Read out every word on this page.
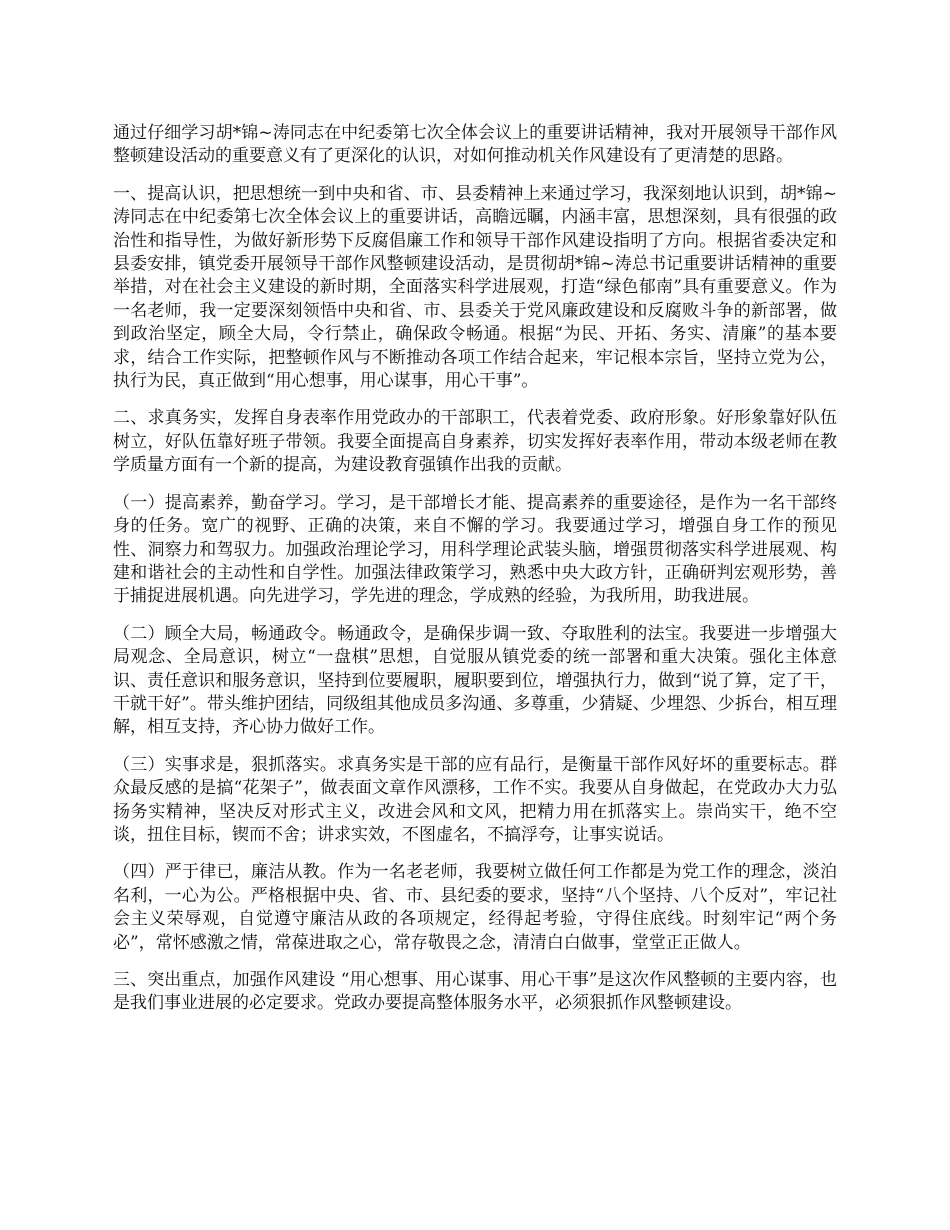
通过仔细学习胡*锦~涛同志在中纪委第七次全体会议上的重要讲话精神，我对开展领导干部作风整顿建设活动的重要意义有了更深化的认识，对如何推动机关作风建设有了更清楚的思路。

一、提高认识，把思想统一到中央和省、市、县委精神上来通过学习，我深刻地认识到，胡*锦~涛同志在中纪委第七次全体会议上的重要讲话，高瞻远瞩，内涵丰富，思想深刻，具有很强的政治性和指导性，为做好新形势下反腐倡廉工作和领导干部作风建设指明了方向。根据省委决定和县委安排，镇党委开展领导干部作风整顿建设活动，是贯彻胡*锦~涛总书记重要讲话精神的重要举措，对在社会主义建设的新时期，全面落实科学进展观，打造“绿色郁南”具有重要意义。作为一名老师，我一定要深刻领悟中央和省、市、县委关于党风廉政建设和反腐败斗争的新部署，做到政治坚定，顾全大局，令行禁止，确保政令畅通。根据“为民、开拓、务实、清廉”的基本要求，结合工作实际，把整顿作风与不断推动各项工作结合起来，牢记根本宗旨，坚持立党为公，执行为民，真正做到“用心想事，用心谋事，用心干事”。

二、求真务实，发挥自身表率作用党政办的干部职工，代表着党委、政府形象。好形象靠好队伍树立，好队伍靠好班子带领。我要全面提高自身素养，切实发挥好表率作用，带动本级老师在教学质量方面有一个新的提高，为建设教育强镇作出我的贡献。

（一）提高素养，勤奋学习。学习，是干部增长才能、提高素养的重要途径，是作为一名干部终身的任务。宽广的视野、正确的决策，来自不懈的学习。我要通过学习，增强自身工作的预见性、洞察力和驾驭力。加强政治理论学习，用科学理论武装头脑，增强贯彻落实科学进展观、构建和谐社会的主动性和自学性。加强法律政策学习，熟悉中央大政方针，正确研判宏观形势，善于捕捉进展机遇。向先进学习，学先进的理念，学成熟的经验，为我所用，助我进展。

（二）顾全大局，畅通政令。畅通政令，是确保步调一致、夺取胜利的法宝。我要进一步增强大局观念、全局意识，树立“一盘棋”思想，自觉服从镇党委的统一部署和重大决策。强化主体意识、责任意识和服务意识，坚持到位要履职，履职要到位，增强执行力，做到“说了算，定了干，干就干好”。带头维护团结，同级组其他成员多沟通、多尊重，少猜疑、少埋怨、少拆台，相互理解，相互支持，齐心协力做好工作。

（三）实事求是，狠抓落实。求真务实是干部的应有品行，是衡量干部作风好坏的重要标志。群众最反感的是搞“花架子”，做表面文章作风漂移，工作不实。我要从自身做起，在党政办大力弘扬务实精神，坚决反对形式主义，改进会风和文风，把精力用在抓落实上。崇尚实干，绝不空谈，扭住目标，锲而不舍；讲求实效，不图虚名，不搞浮夸，让事实说话。

（四）严于律已，廉洁从教。作为一名老老师，我要树立做任何工作都是为党工作的理念，淡泊名利，一心为公。严格根据中央、省、市、县纪委的要求，坚持“八个坚持、八个反对”，牢记社会主义荣辱观，自觉遵守廉洁从政的各项规定，经得起考验，守得住底线。时刻牢记“两个务必”，常怀感激之情，常葆进取之心，常存敬畏之念，清清白白做事，堂堂正正做人。

三、突出重点，加强作风建设 “用心想事、用心谋事、用心干事”是这次作风整顿的主要内容，也是我们事业进展的必定要求。党政办要提高整体服务水平，必须狠抓作风整顿建设。
